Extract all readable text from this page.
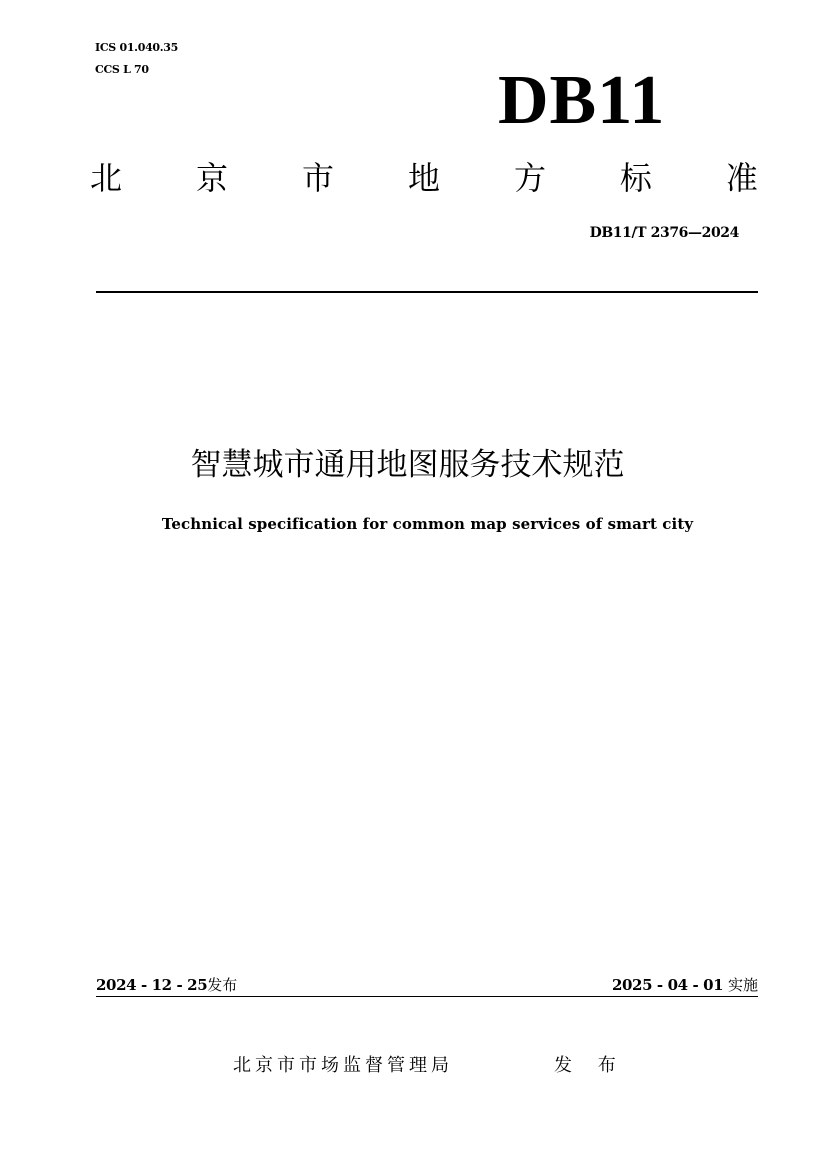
ICS 01.040.35
CCS L 70	DB11
北 京 市 地 方 标 准
DB11/T 2376—2024
智慧城市通用地图服务技术规范
Technical specification for common map services of smart city
2024 - 12 - 25发布	2025 - 04 - 01 实施
北京市市场监督管理局	发 布
